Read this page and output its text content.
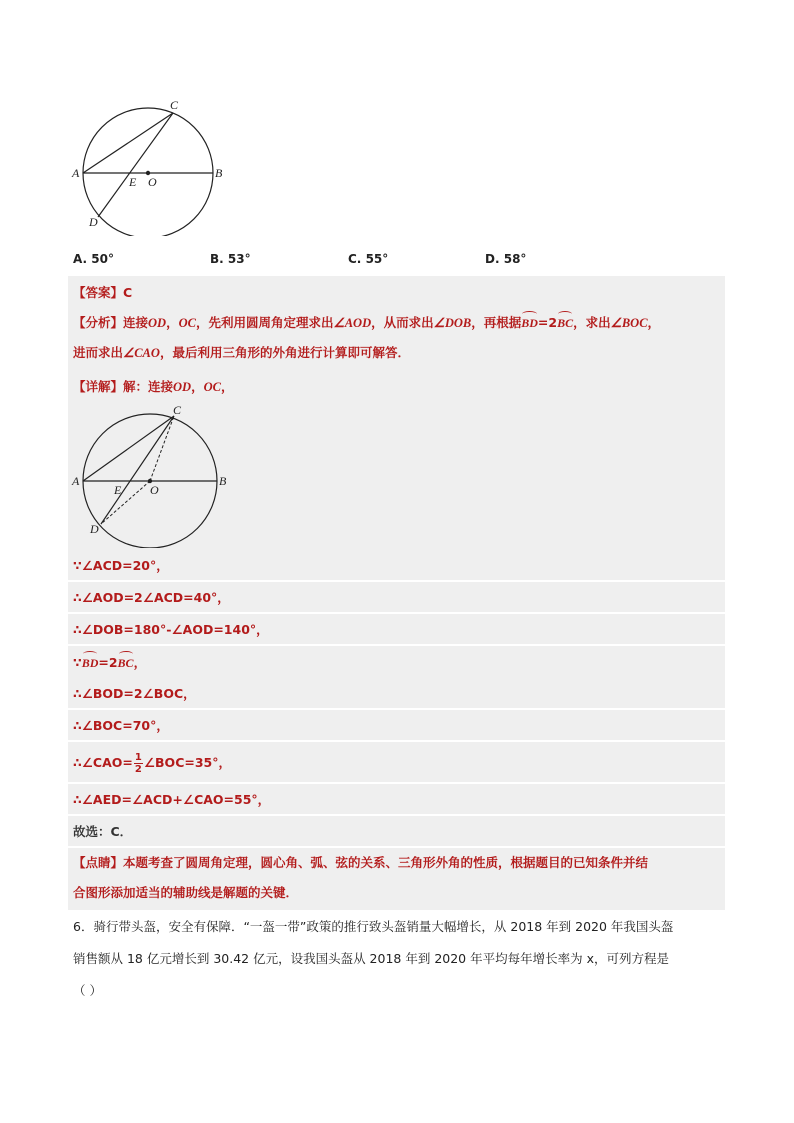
A	B
C
D
E O
A. 50°	B. 53°	C. 55°	D. 58°
【答案】C
【分析】连接OD，OC，先利用圆周角定理求出∠AOD，从而求出∠DOB，再根据BD=2BC，求出∠BOC，
进而求出∠CAO，最后利用三角形的外角进行计算即可解答．
【详解】解：连接OD，OC，
A	B
C
D
E O
∵∠ACD=20°，
∴∠AOD=2∠ACD=40°，
∴∠DOB=180°-∠AOD=140°，
∵BD=2BC，
∴∠BOD=2∠BOC，
∴∠BOC=70°，
∴∠CAO= $\frac{1}{2}$ ∠BOC=35°，
∴∠AED=∠ACD+∠CAO=55°，
故选：C．
【点睛】本题考查了圆周角定理，圆心角、弧、弦的关系、三角形外角的性质，根据题目的已知条件并结
合图形添加适当的辅助线是解题的关键．
6．骑行带头盔，安全有保障．“一盔一带”政策的推行致头盔销量大幅增长，从 2018 年到 2020 年我国头盔
销售额从 18 亿元增长到 30.42 亿元，设我国头盔从 2018 年到 2020 年平均每年增长率为 x，可列方程是
（ ）
